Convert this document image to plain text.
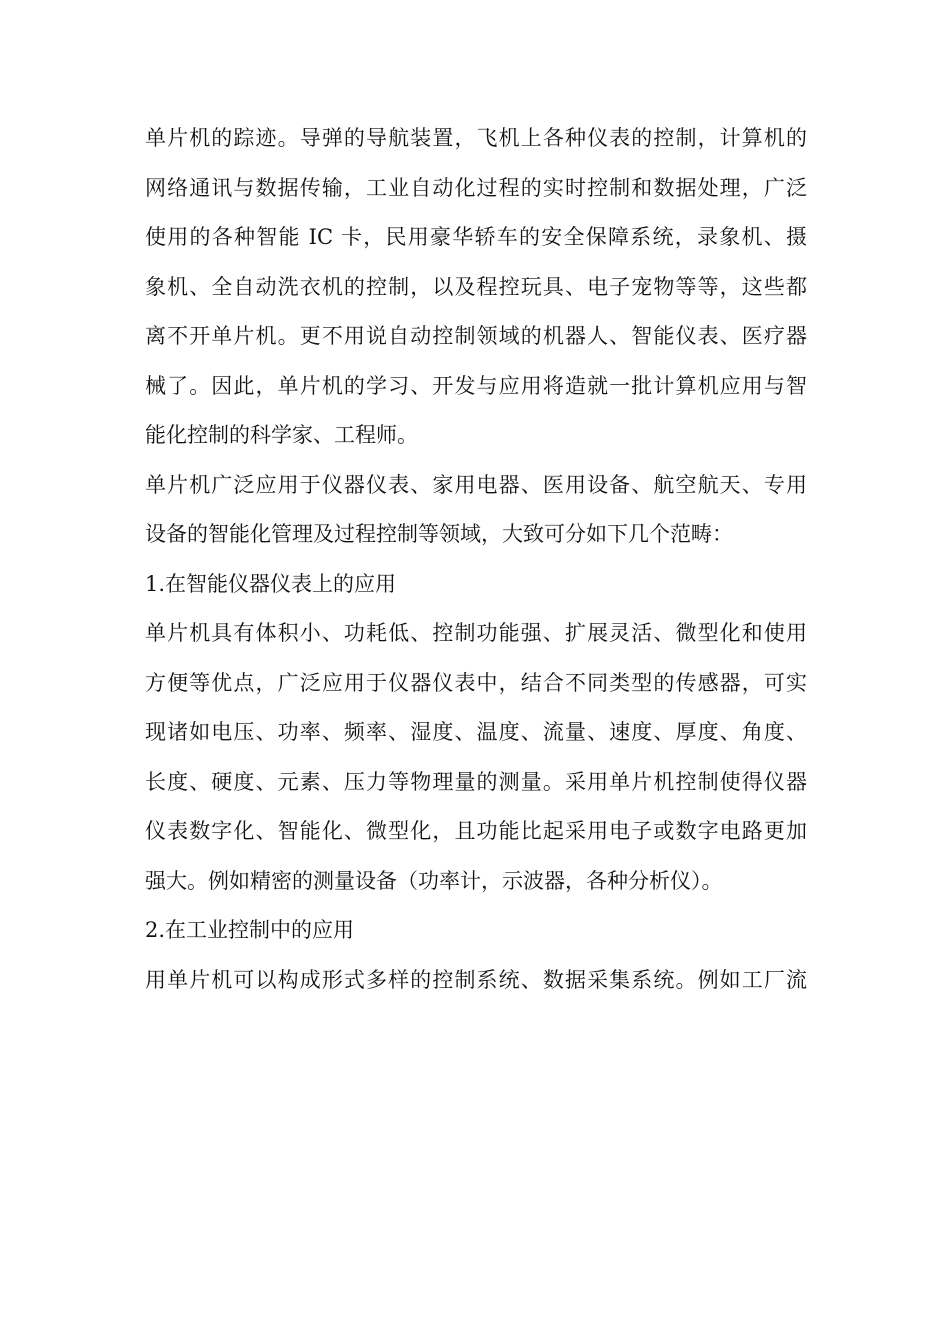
单片机的踪迹。导弹的导航装置，飞机上各种仪表的控制，计算机的
网络通讯与数据传输，工业自动化过程的实时控制和数据处理，广泛
使用的各种智能 IC 卡，民用豪华轿车的安全保障系统，录象机、摄
象机、全自动洗衣机的控制，以及程控玩具、电子宠物等等，这些都
离不开单片机。更不用说自动控制领域的机器人、智能仪表、医疗器
械了。因此，单片机的学习、开发与应用将造就一批计算机应用与智
能化控制的科学家、工程师。
单片机广泛应用于仪器仪表、家用电器、医用设备、航空航天、专用
设备的智能化管理及过程控制等领域，大致可分如下几个范畴：
1.在智能仪器仪表上的应用
单片机具有体积小、功耗低、控制功能强、扩展灵活、微型化和使用
方便等优点，广泛应用于仪器仪表中，结合不同类型的传感器，可实
现诸如电压、功率、频率、湿度、温度、流量、速度、厚度、角度、
长度、硬度、元素、压力等物理量的测量。采用单片机控制使得仪器
仪表数字化、智能化、微型化，且功能比起采用电子或数字电路更加
强大。例如精密的测量设备（功率计，示波器，各种分析仪）。
2.在工业控制中的应用
用单片机可以构成形式多样的控制系统、数据采集系统。例如工厂流
